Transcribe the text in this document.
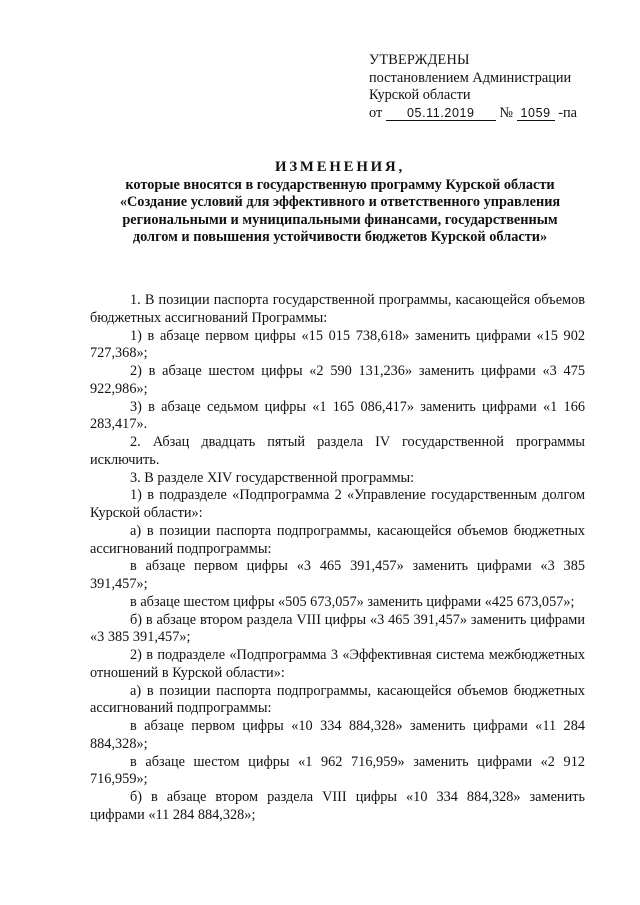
УТВЕРЖДЕНЫ
постановлением Администрации
Курской области
от 05.11.2019 № 1059 -па
ИЗМЕНЕНИЯ,
которые вносятся в государственную программу Курской области
«Создание условий для эффективного и ответственного управления
региональными и муниципальными финансами, государственным
долгом и повышения устойчивости бюджетов Курской области»

1. В позиции паспорта государственной программы, касающейся объемов бюджетных ассигнований Программы:

1) в абзаце первом цифры «15 015 738,618» заменить цифрами «15 902 727,368»;

2) в абзаце шестом цифры «2 590 131,236» заменить цифрами «3 475 922,986»;

3) в абзаце седьмом цифры «1 165 086,417» заменить цифрами «1 166 283,417».

2. Абзац двадцать пятый раздела IV государственной программы исключить.

3. В разделе XIV государственной программы:

1) в подразделе «Подпрограмма 2 «Управление государственным долгом Курской области»:

а) в позиции паспорта подпрограммы, касающейся объемов бюджетных ассигнований подпрограммы:

в абзаце первом цифры «3 465 391,457» заменить цифрами «3 385 391,457»;

в абзаце шестом цифры «505 673,057» заменить цифрами «425 673,057»;

б) в абзаце втором раздела VIII цифры «3 465 391,457» заменить цифрами «3 385 391,457»;

2) в подразделе «Подпрограмма 3 «Эффективная система межбюджетных отношений в Курской области»:

а) в позиции паспорта подпрограммы, касающейся объемов бюджетных ассигнований подпрограммы:

в абзаце первом цифры «10 334 884,328» заменить цифрами «11 284 884,328»;

в абзаце шестом цифры «1 962 716,959» заменить цифрами «2 912 716,959»;

б) в абзаце втором раздела VIII цифры «10 334 884,328» заменить цифрами «11 284 884,328»;
